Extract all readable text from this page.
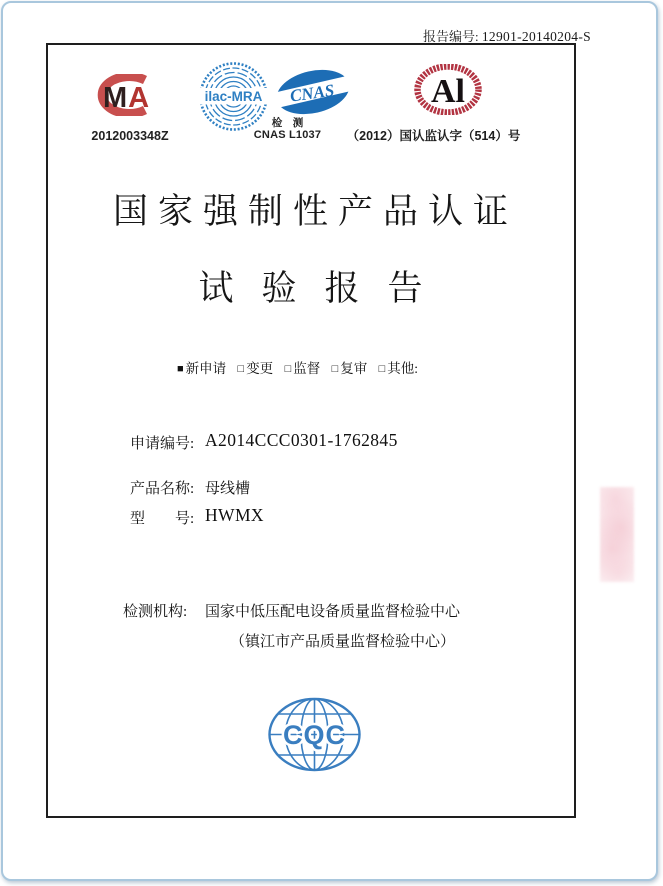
报告编号: 12901-20140204-S
MA
2012003348Z
ilac-MRA CNAS
检　测
CNAS L1037
Al
（2012）国认监认字（514）号
国家强制性产品认证
试验报告
■ 新申请 □ 变更 □ 监督 □ 复审 □ 其他:
申请编号: A2014CCC0301-1762845
产品名称: 母线槽
型　　号: HWMX
检测机构: 国家中低压配电设备质量监督检验中心
（镇江市产品质量监督检验中心）
CQC
